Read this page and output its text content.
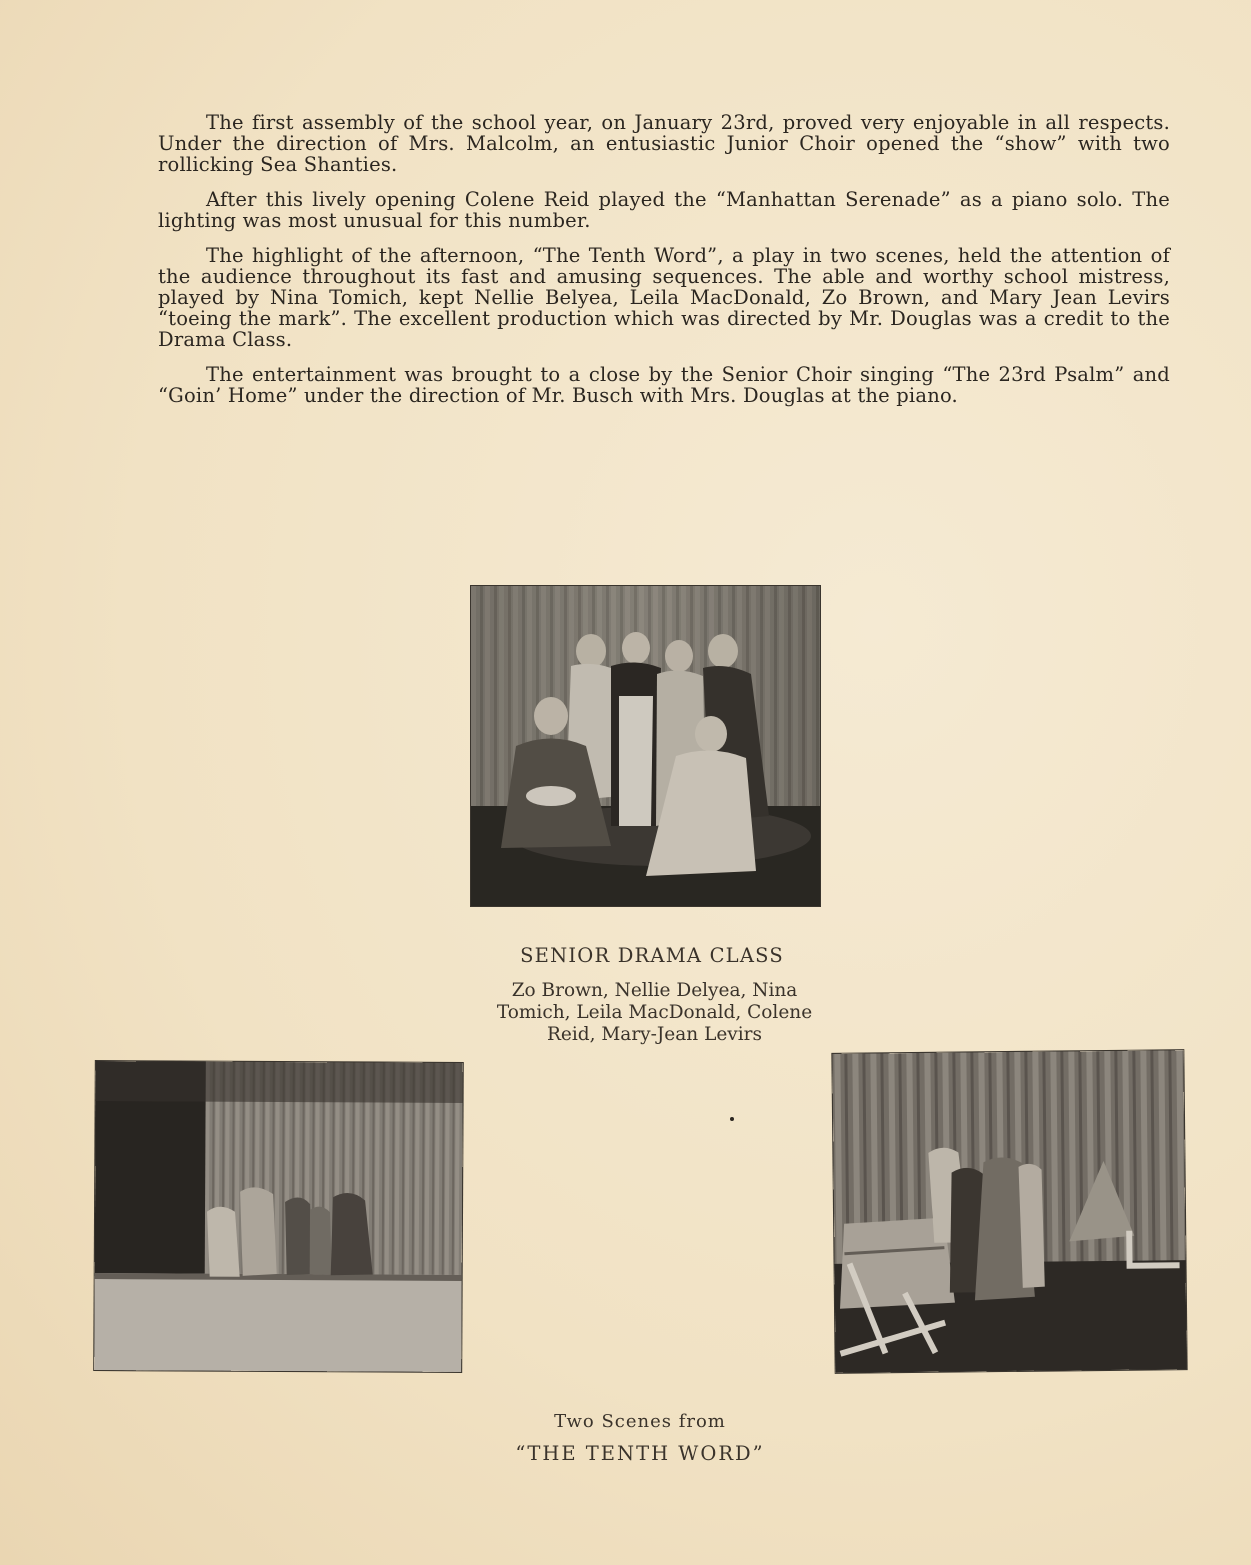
The first assembly of the school year, on January 23rd, proved very enjoyable in all respects. Under the direction of Mrs. Malcolm, an entusiastic Junior Choir opened the “show” with two rollicking Sea Shanties.

After this lively opening Colene Reid played the “Manhattan Serenade” as a piano solo. The lighting was most unusual for this number.

The highlight of the afternoon, “The Tenth Word”, a play in two scenes, held the attention of the audience throughout its fast and amusing sequences. The able and worthy school mistress, played by Nina Tomich, kept Nellie Belyea, Leila MacDonald, Zo Brown, and Mary Jean Levirs “toeing the mark”. The excellent production which was directed by Mr. Douglas was a credit to the Drama Class.

The entertainment was brought to a close by the Senior Choir singing “The 23rd Psalm” and “Goin’ Home” under the direction of Mr. Busch with Mrs. Douglas at the piano.

SENIOR DRAMA CLASS
Zo Brown, Nellie Delyea, Nina Tomich, Leila MacDonald, Colene Reid, Mary-Jean Levirs
Two Scenes from
“THE TENTH WORD”
